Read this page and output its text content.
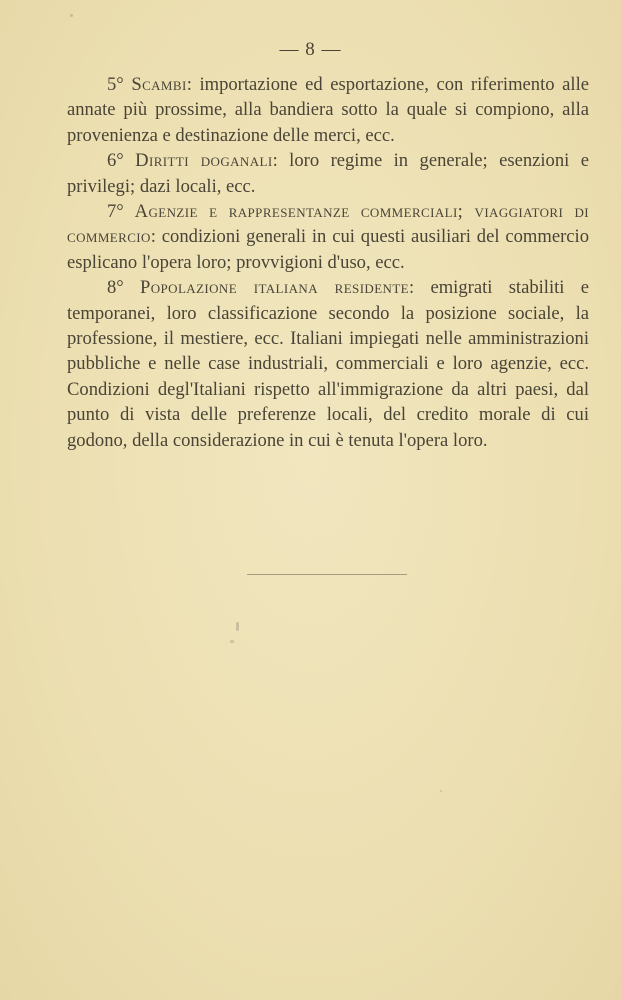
— 8 —

5° Scambi: importazione ed esportazione, con riferimento alle annate più prossime, alla bandiera sotto la quale si compiono, alla provenienza e destinazione delle merci, ecc.

6° Diritti doganali: loro regime in generale; esenzioni e privilegi; dazi locali, ecc.

7° Agenzie e rappresentanze commerciali; viaggiatori di commercio: condizioni generali in cui questi ausiliari del commercio esplicano l'opera loro; provvigioni d'uso, ecc.

8° Popolazione italiana residente: emigrati stabiliti e temporanei, loro classificazione secondo la posizione sociale, la professione, il mestiere, ecc. Italiani impiegati nelle amministrazioni pubbliche e nelle case industriali, commerciali e loro agenzie, ecc. Condizioni degl'Italiani rispetto all'immigrazione da altri paesi, dal punto di vista delle preferenze locali, del credito morale di cui godono, della considerazione in cui è tenuta l'opera loro.
